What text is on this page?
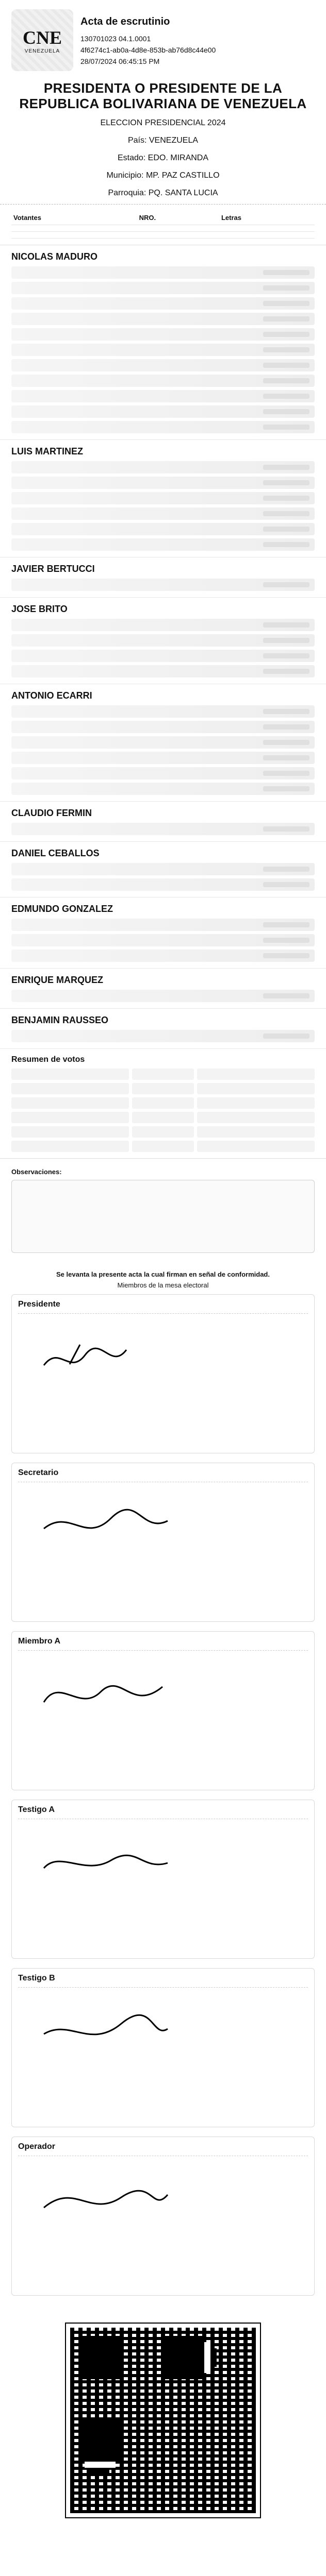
CNE
VENEZUELA
Acta de escrutinio
130701023 04.1.0001
4f6274c1-ab0a-4d8e-853b-ab76d8c44e00
28/07/2024 06:45:15 PM
PRESIDENTA O PRESIDENTE DE LA REPUBLICA BOLIVARIANA DE VENEZUELA
ELECCION PRESIDENCIAL 2024
País: VENEZUELA
Estado: EDO. MIRANDA
Municipio: MP. PAZ CASTILLO
Parroquia: PQ. SANTA LUCIA
Votantes	NRO.	Letras

NICOLAS MADURO
LUIS MARTINEZ
JAVIER BERTUCCI
JOSE BRITO
ANTONIO ECARRI
CLAUDIO FERMIN
DANIEL CEBALLOS
EDMUNDO GONZALEZ
ENRIQUE MARQUEZ
BENJAMIN RAUSSEO
Resumen de votos
Observaciones:
Se levanta la presente acta la cual firman en señal de conformidad.
Miembros de la mesa electoral
Presidente
Secretario
Miembro A
Testigo A
Testigo B
Operador
